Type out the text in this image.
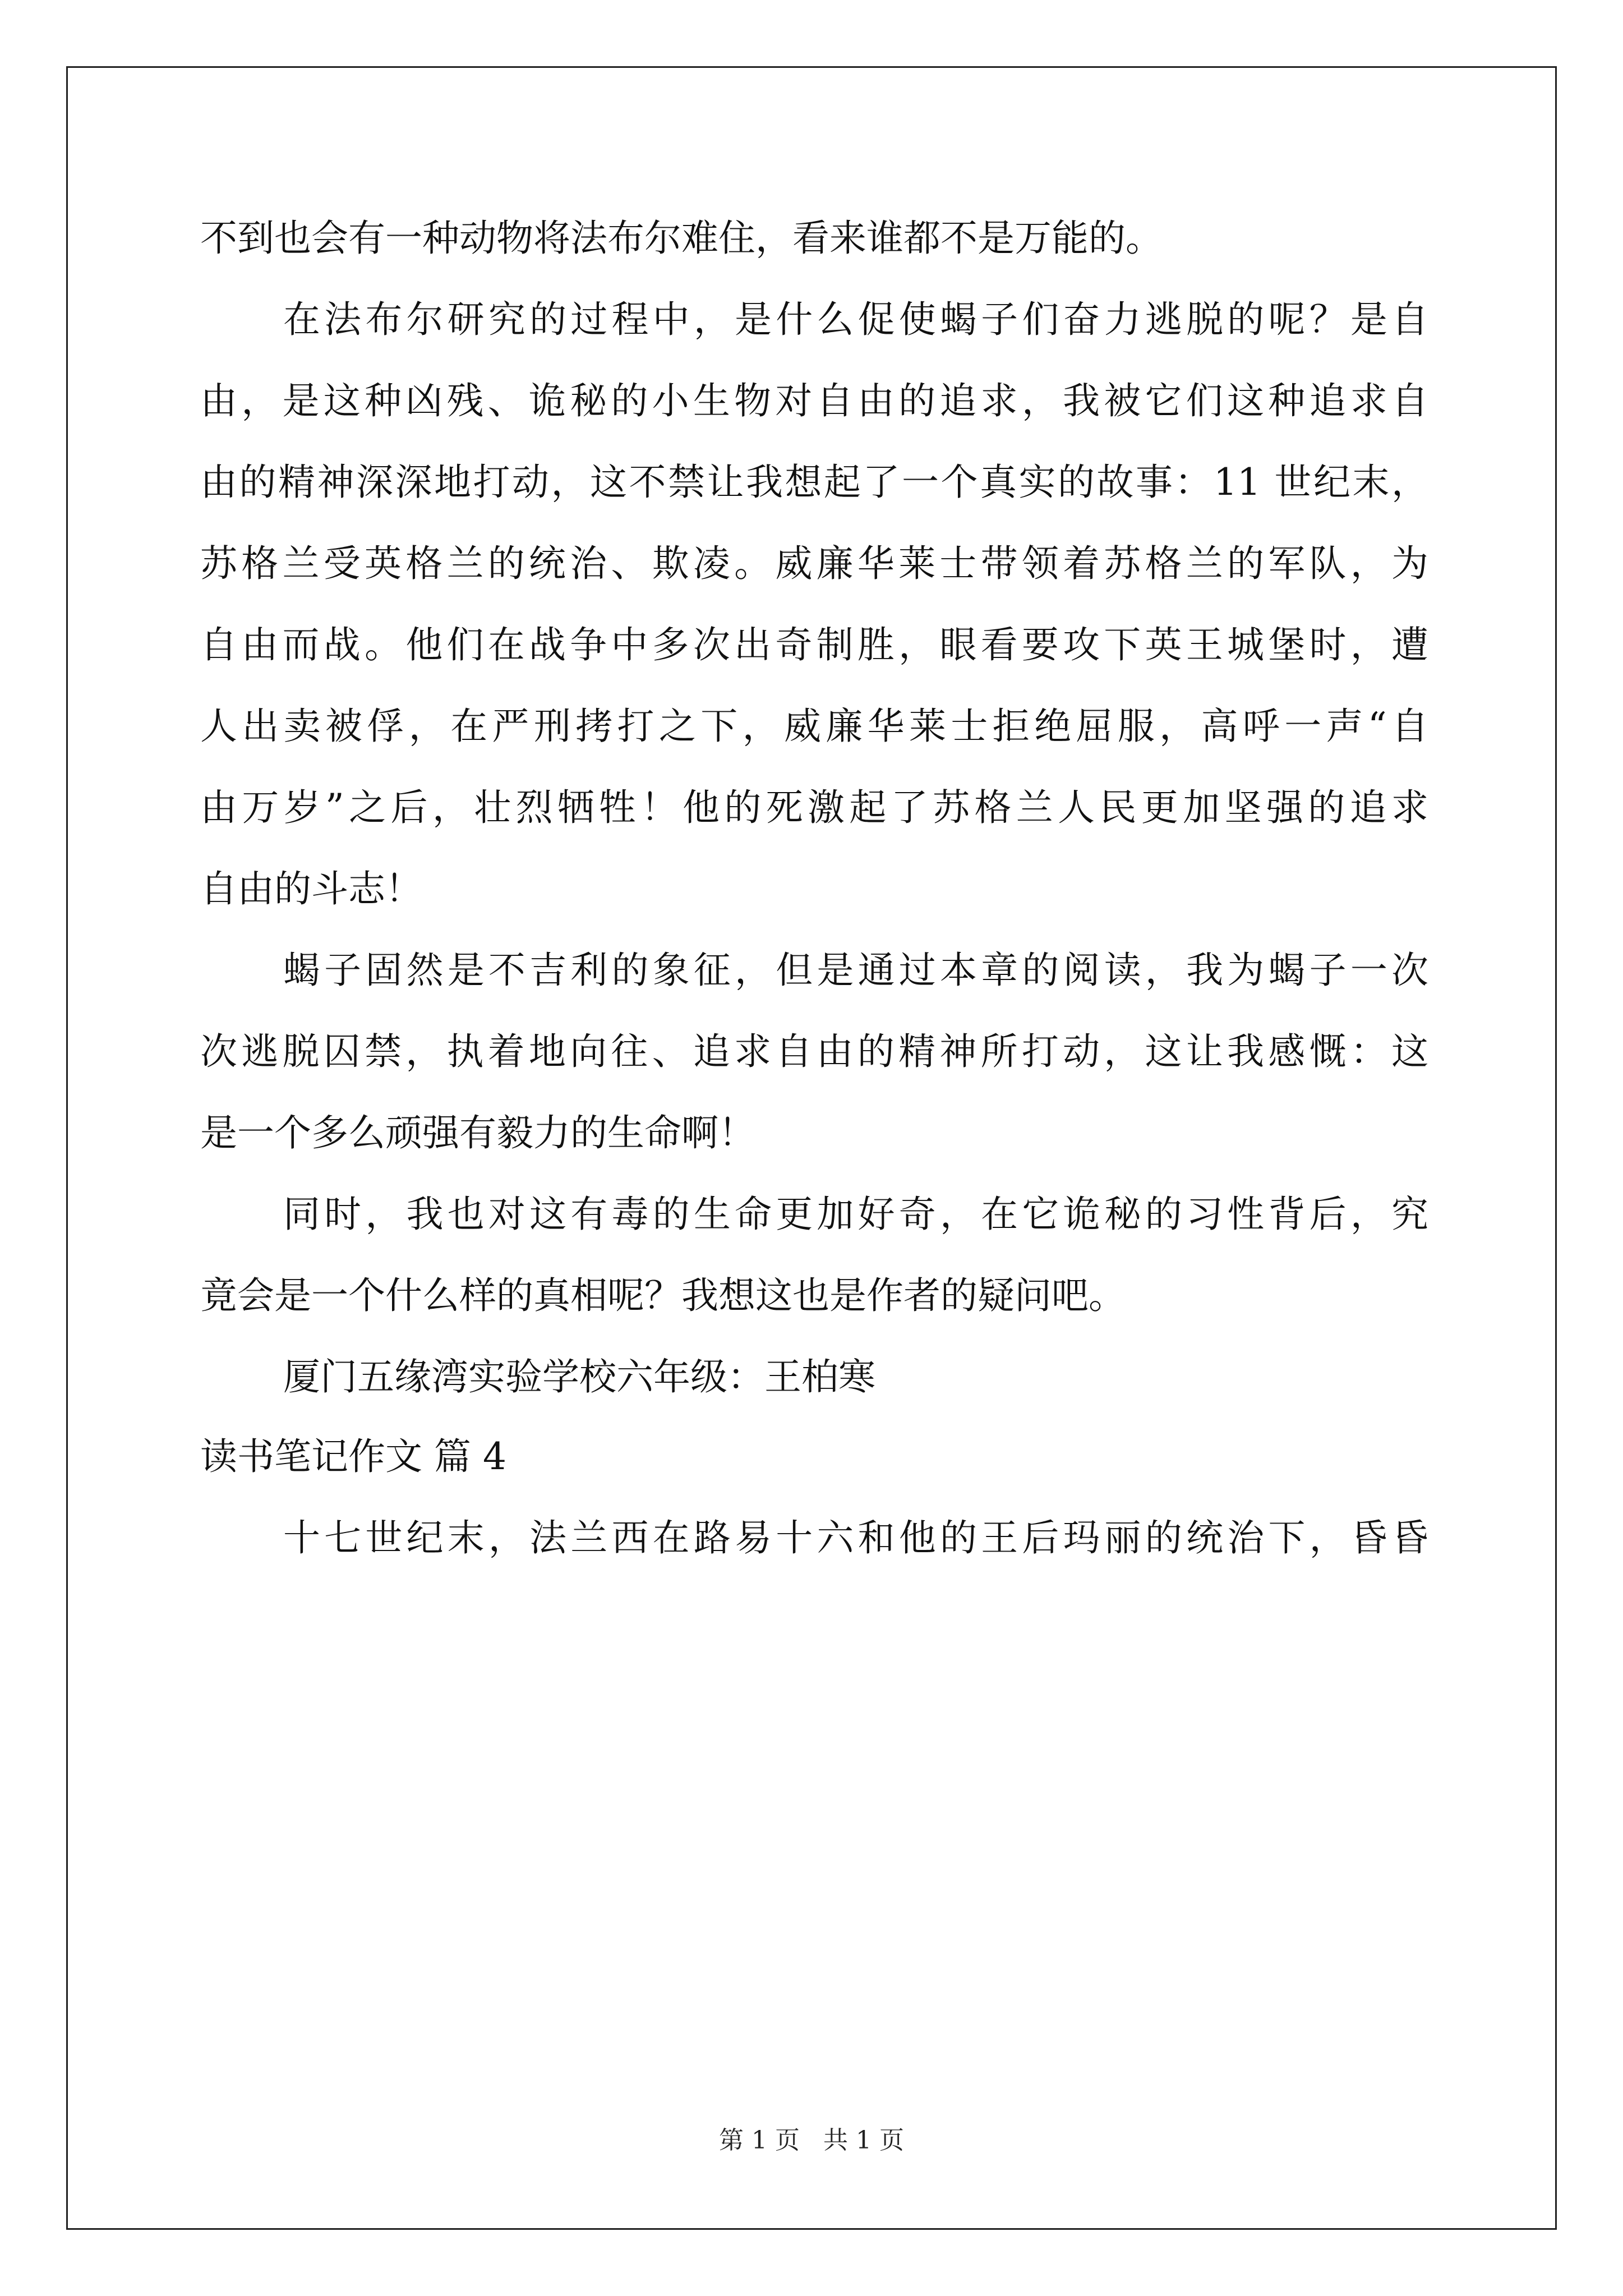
不到也会有一种动物将法布尔难住，看来谁都不是万能的。
在法布尔研究的过程中，是什么促使蝎子们奋力逃脱的呢？是自
由，是这种凶残、诡秘的小生物对自由的追求，我被它们这种追求自
由的精神深深地打动，这不禁让我想起了一个真实的故事：11 世纪末，
苏格兰受英格兰的统治、欺凌。威廉华莱士带领着苏格兰的军队，为
自由而战。他们在战争中多次出奇制胜，眼看要攻下英王城堡时，遭
人出卖被俘，在严刑拷打之下，威廉华莱士拒绝屈服，高呼一声“自
由万岁”之后，壮烈牺牲！他的死激起了苏格兰人民更加坚强的追求
自由的斗志！
蝎子固然是不吉利的象征，但是通过本章的阅读，我为蝎子一次
次逃脱囚禁，执着地向往、追求自由的精神所打动，这让我感慨：这
是一个多么顽强有毅力的生命啊！
同时，我也对这有毒的生命更加好奇，在它诡秘的习性背后，究
竟会是一个什么样的真相呢？我想这也是作者的疑问吧。
厦门五缘湾实验学校六年级：王柏寒
读书笔记作文 篇 4
十七世纪末，法兰西在路易十六和他的王后玛丽的统治下，昏昏
第 1 页   共 1 页
